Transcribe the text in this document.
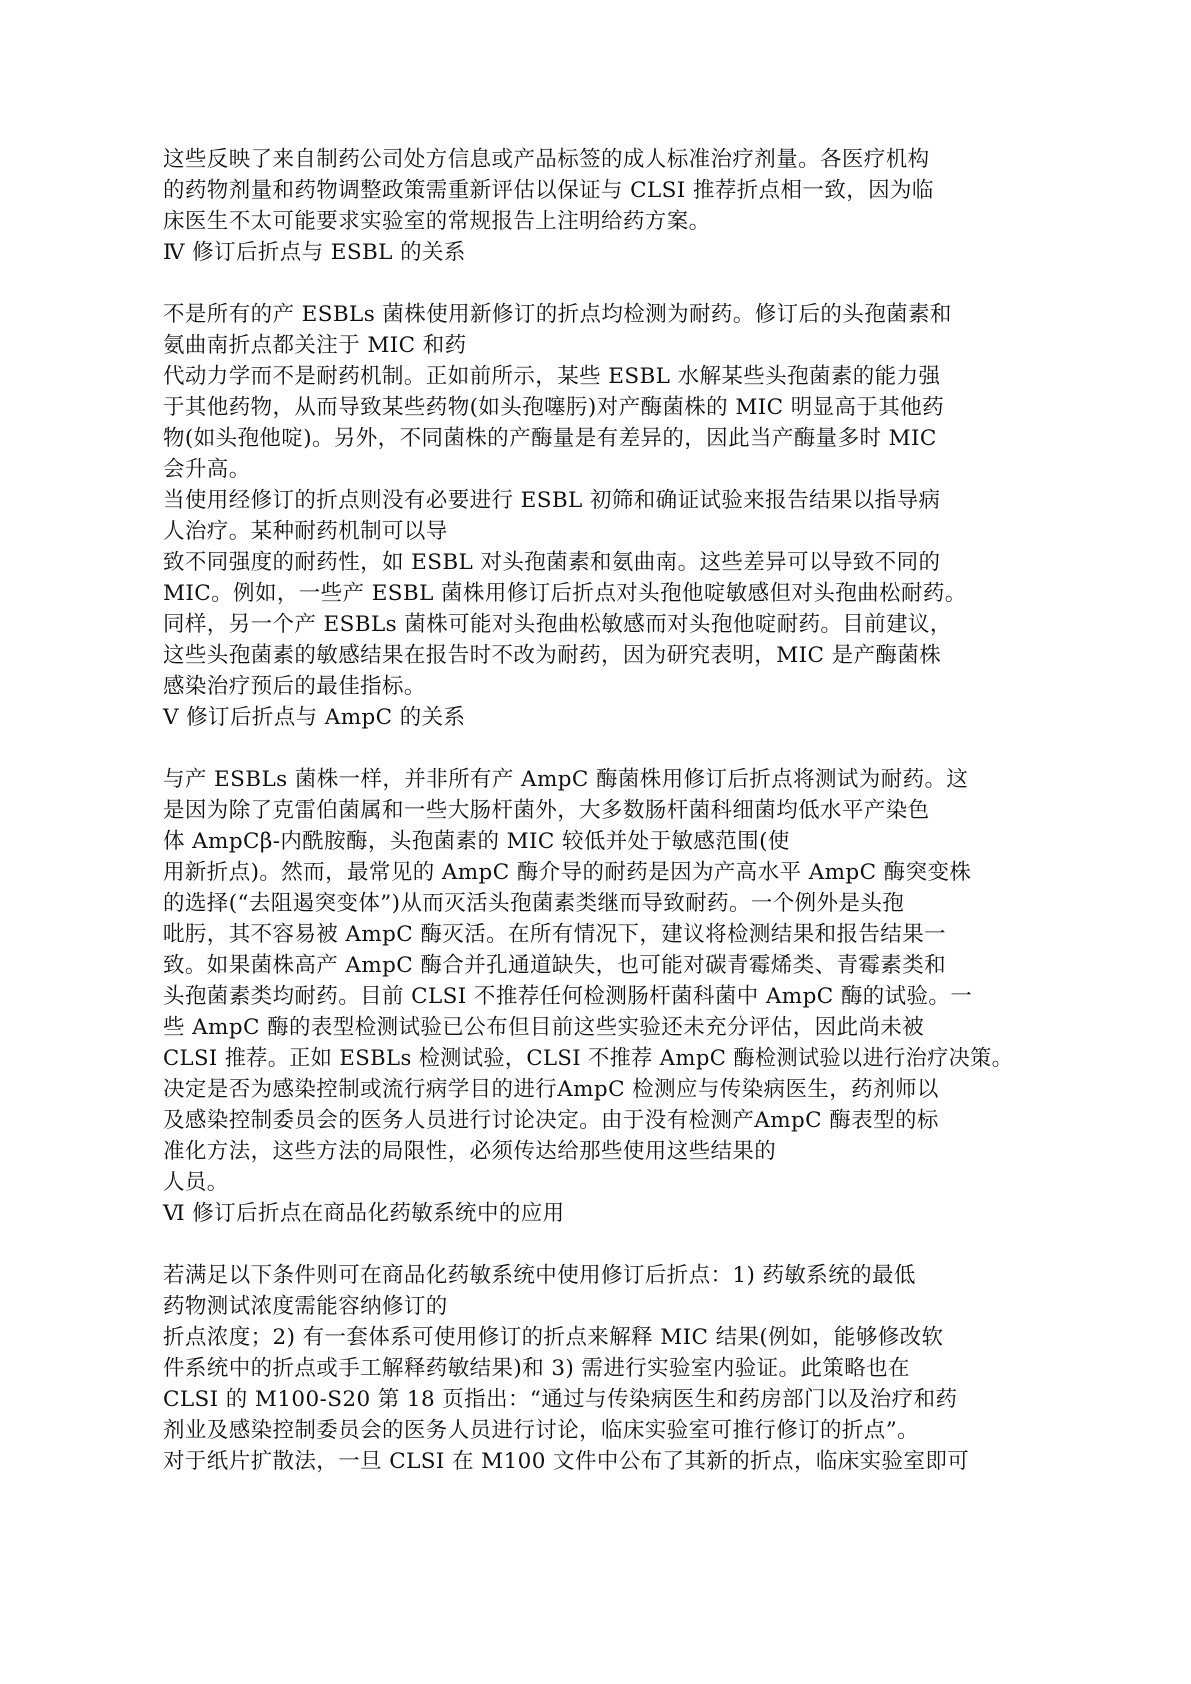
这些反映了来自制药公司处方信息或产品标签的成人标准治疗剂量。各医疗机构
的药物剂量和药物调整政策需重新评估以保证与 CLSI 推荐折点相一致，因为临
床医生不太可能要求实验室的常规报告上注明给药方案。
Ⅳ 修订后折点与 ESBL 的关系
不是所有的产 ESBLs 菌株使用新修订的折点均检测为耐药。修订后的头孢菌素和
氨曲南折点都关注于 MIC 和药
代动力学而不是耐药机制。正如前所示，某些 ESBL 水解某些头孢菌素的能力强
于其他药物，从而导致某些药物(如头孢噻肟)对产酶菌株的 MIC 明显高于其他药
物(如头孢他啶)。另外，不同菌株的产酶量是有差异的，因此当产酶量多时 MIC
会升高。
当使用经修订的折点则没有必要进行 ESBL 初筛和确证试验来报告结果以指导病
人治疗。某种耐药机制可以导
致不同强度的耐药性，如 ESBL 对头孢菌素和氨曲南。这些差异可以导致不同的
MIC。例如，一些产 ESBL 菌株用修订后折点对头孢他啶敏感但对头孢曲松耐药。
同样，另一个产 ESBLs 菌株可能对头孢曲松敏感而对头孢他啶耐药。目前建议，
这些头孢菌素的敏感结果在报告时不改为耐药，因为研究表明，MIC 是产酶菌株
感染治疗预后的最佳指标。
Ⅴ 修订后折点与 AmpC 的关系
与产 ESBLs 菌株一样，并非所有产 AmpC 酶菌株用修订后折点将测试为耐药。这
是因为除了克雷伯菌属和一些大肠杆菌外，大多数肠杆菌科细菌均低水平产染色
体 AmpCβ-内酰胺酶，头孢菌素的 MIC 较低并处于敏感范围(使
用新折点)。然而，最常见的 AmpC 酶介导的耐药是因为产高水平 AmpC 酶突变株
的选择(“去阻遏突变体”)从而灭活头孢菌素类继而导致耐药。一个例外是头孢
吡肟，其不容易被 AmpC 酶灭活。在所有情况下，建议将检测结果和报告结果一
致。如果菌株高产 AmpC 酶合并孔通道缺失，也可能对碳青霉烯类、青霉素类和
头孢菌素类均耐药。目前 CLSI 不推荐任何检测肠杆菌科菌中 AmpC 酶的试验。一
些 AmpC 酶的表型检测试验已公布但目前这些实验还未充分评估，因此尚未被
CLSI 推荐。正如 ESBLs 检测试验，CLSI 不推荐 AmpC 酶检测试验以进行治疗决策。
决定是否为感染控制或流行病学目的进行AmpC 检测应与传染病医生，药剂师以
及感染控制委员会的医务人员进行讨论决定。由于没有检测产AmpC 酶表型的标
准化方法，这些方法的局限性，必须传达给那些使用这些结果的
人员。
Ⅵ 修订后折点在商品化药敏系统中的应用
若满足以下条件则可在商品化药敏系统中使用修订后折点：1) 药敏系统的最低
药物测试浓度需能容纳修订的
折点浓度；2) 有一套体系可使用修订的折点来解释 MIC 结果(例如，能够修改软
件系统中的折点或手工解释药敏结果)和 3) 需进行实验室内验证。此策略也在
CLSI 的 M100-S20 第 18 页指出：“通过与传染病医生和药房部门以及治疗和药
剂业及感染控制委员会的医务人员进行讨论，临床实验室可推行修订的折点”。
对于纸片扩散法，一旦 CLSI 在 M100 文件中公布了其新的折点，临床实验室即可
